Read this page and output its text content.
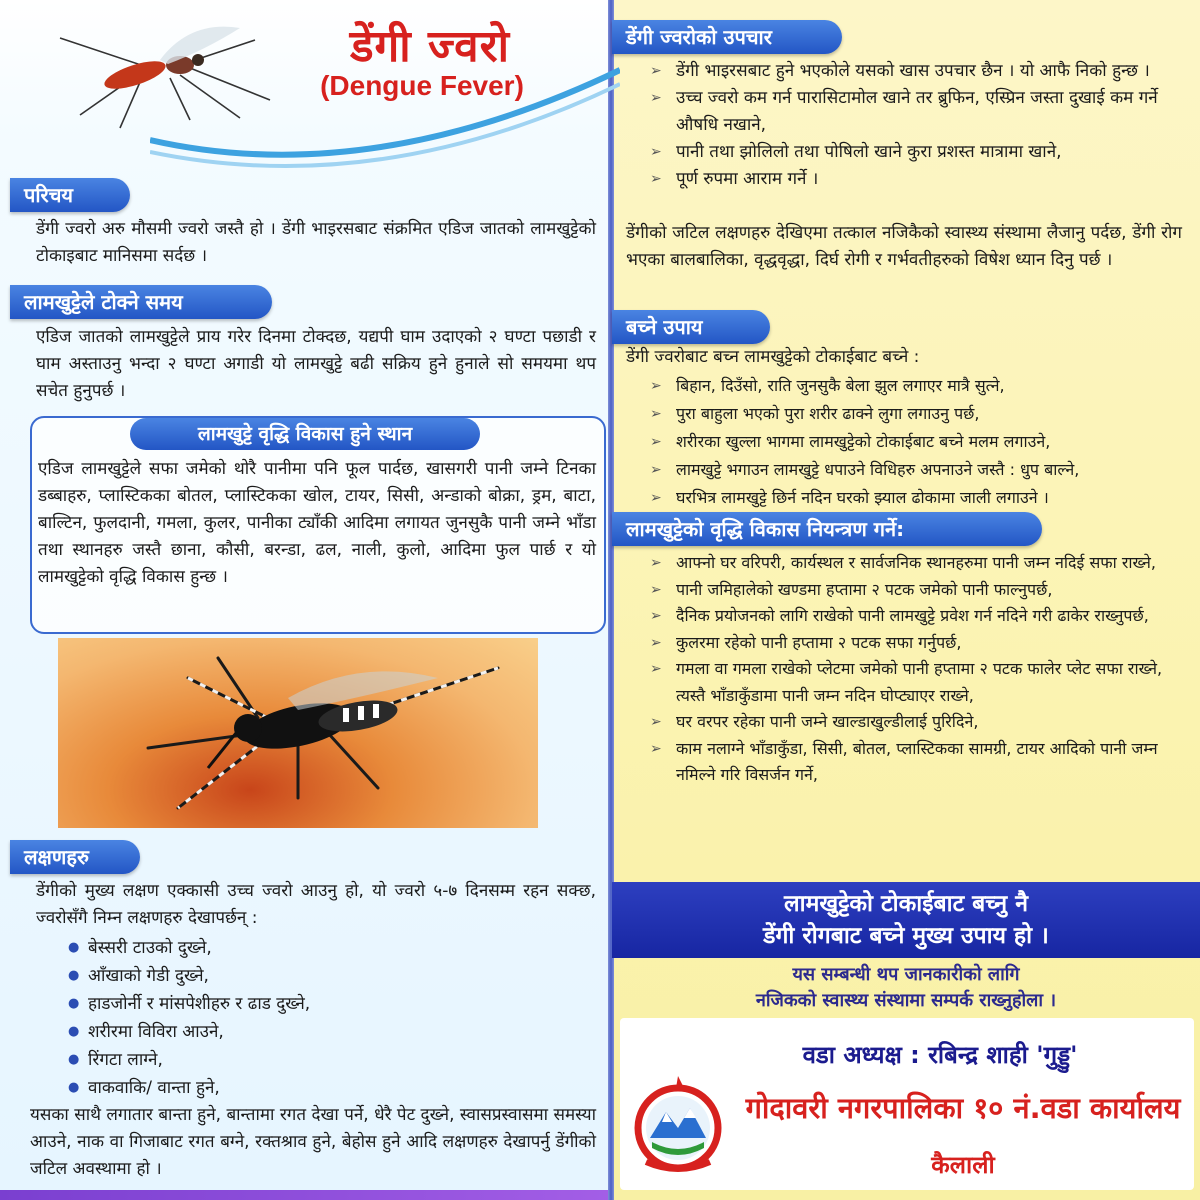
डेंगी ज्वरो
(Dengue Fever)
परिचय
डेंगी ज्वरो अरु मौसमी ज्वरो जस्तै हो । डेंगी भाइरसबाट संक्रमित एडिज जातको लामखुट्टेको टोकाइबाट मानिसमा सर्दछ ।
लामखुट्टेले टोक्ने समय
एडिज जातको लामखुट्टेले प्राय गरेर दिनमा टोक्दछ, यद्यपी घाम उदाएको २ घण्टा पछाडी र घाम अस्ताउनु भन्दा २ घण्टा अगाडी यो लामखुट्टे बढी सक्रिय हुने हुनाले सो समयमा थप सचेत हुनुपर्छ ।
लामखुट्टे वृद्धि विकास हुने स्थान
एडिज लामखुट्टेले सफा जमेको थोरै पानीमा पनि फूल पार्दछ, खासगरी पानी जम्ने टिनका डब्बाहरु, प्लास्टिकका बोतल, प्लास्टिकका खोल, टायर, सिसी, अन्डाको बोक्रा, ड्रम, बाटा, बाल्टिन, फुलदानी, गमला, कुलर, पानीका ट्याँकी आदिमा लगायत जुनसुकै पानी जम्ने भाँडा तथा स्थानहरु जस्तै छाना, कौसी, बरन्डा, ढल, नाली, कुलो, आदिमा फुल पार्छ र यो लामखुट्टेको वृद्धि विकास हुन्छ ।
लक्षणहरु
डेंगीको मुख्य लक्षण एक्कासी उच्च ज्वरो आउनु हो, यो ज्वरो ५-७ दिनसम्म रहन सक्छ, ज्वरोसँगै निम्न लक्षणहरु देखापर्छन् :
● बेस्सरी टाउको दुख्ने,
● आँखाको गेडी दुख्ने,
● हाडजोर्नी र मांसपेशीहरु र ढाड दुख्ने,
● शरीरमा विविरा आउने,
● रिंगटा लाग्ने,
● वाकवाकि/ वान्ता हुने,
यसका साथै लगातार बान्ता हुने, बान्तामा रगत देखा पर्ने, धेरै पेट दुख्ने, स्वासप्रस्वासमा समस्या आउने, नाक वा गिजाबाट रगत बग्ने, रक्तश्राव हुने, बेहोस हुने आदि लक्षणहरु देखापर्नु डेंगीको जटिल अवस्थामा हो ।
डेंगी ज्वरोको उपचार
➢ डेंगी भाइरसबाट हुने भएकोले यसको खास उपचार छैन । यो आफै निको हुन्छ ।
➢ उच्च ज्वरो कम गर्न पारासिटामोल खाने तर ब्रुफिन, एस्प्रिन जस्ता दुखाई कम गर्ने औषधि नखाने,
➢ पानी तथा झोलिलो तथा पोषिलो खाने कुरा प्रशस्त मात्रामा खाने,
➢ पूर्ण रुपमा आराम गर्ने ।
डेंगीको जटिल लक्षणहरु देखिएमा तत्काल नजिकैको स्वास्थ्य संस्थामा लैजानु पर्दछ, डेंगी रोग भएका बालबालिका, वृद्धवृद्धा, दिर्घ रोगी र गर्भवतीहरुको विषेश ध्यान दिनु पर्छ ।
बच्ने उपाय
डेंगी ज्वरोबाट बच्न लामखुट्टेको टोकाईबाट बच्ने :
➢ बिहान, दिउँसो, राति जुनसुकै बेला झुल लगाएर मात्रै सुत्ने,
➢ पुरा बाहुला भएको पुरा शरीर ढाक्ने लुगा लगाउनु पर्छ,
➢ शरीरका खुल्ला भागमा लामखुट्टेको टोकाईबाट बच्ने मलम लगाउने,
➢ लामखुट्टे भगाउन लामखुट्टे धपाउने विधिहरु अपनाउने जस्तै : धुप बाल्ने,
➢ घरभित्र लामखुट्टे छिर्न नदिन घरको झ्याल ढोकामा जाली लगाउने ।
लामखुट्टेको वृद्धि विकास नियन्त्रण गर्ने:
➢ आफ्नो घर वरिपरी, कार्यस्थल र सार्वजनिक स्थानहरुमा पानी जम्न नदिई सफा राख्ने,
➢ पानी जमिहालेको खण्डमा हप्तामा २ पटक जमेको पानी फाल्नुपर्छ,
➢ दैनिक प्रयोजनको लागि राखेको पानी लामखुट्टे प्रवेश गर्न नदिने गरी ढाकेर राख्नुपर्छ,
➢ कुलरमा रहेको पानी हप्तामा २ पटक सफा गर्नुपर्छ,
➢ गमला वा गमला राखेको प्लेटमा जमेको पानी हप्तामा २ पटक फालेर प्लेट सफा राख्ने, त्यस्तै भाँडाकुँडामा पानी जम्न नदिन घोप्ट्याएर राख्ने,
➢ घर वरपर रहेका पानी जम्ने खाल्डाखुल्डीलाई पुरिदिने,
➢ काम नलाग्ने भाँडाकुँडा, सिसी, बोतल, प्लास्टिकका सामग्री, टायर आदिको पानी जम्न नमिल्ने गरि विसर्जन गर्ने,
लामखुट्टेको टोकाईबाट बच्नु नै
डेंगी रोगबाट बच्ने मुख्य उपाय हो ।
यस सम्बन्धी थप जानकारीको लागि
नजिकको स्वास्थ्य संस्थामा सम्पर्क राख्नुहोला ।
वडा अध्यक्ष : रबिन्द्र शाही 'गुड्डु'
गोदावरी नगरपालिका १० नं.वडा कार्यालय
कैलाली
